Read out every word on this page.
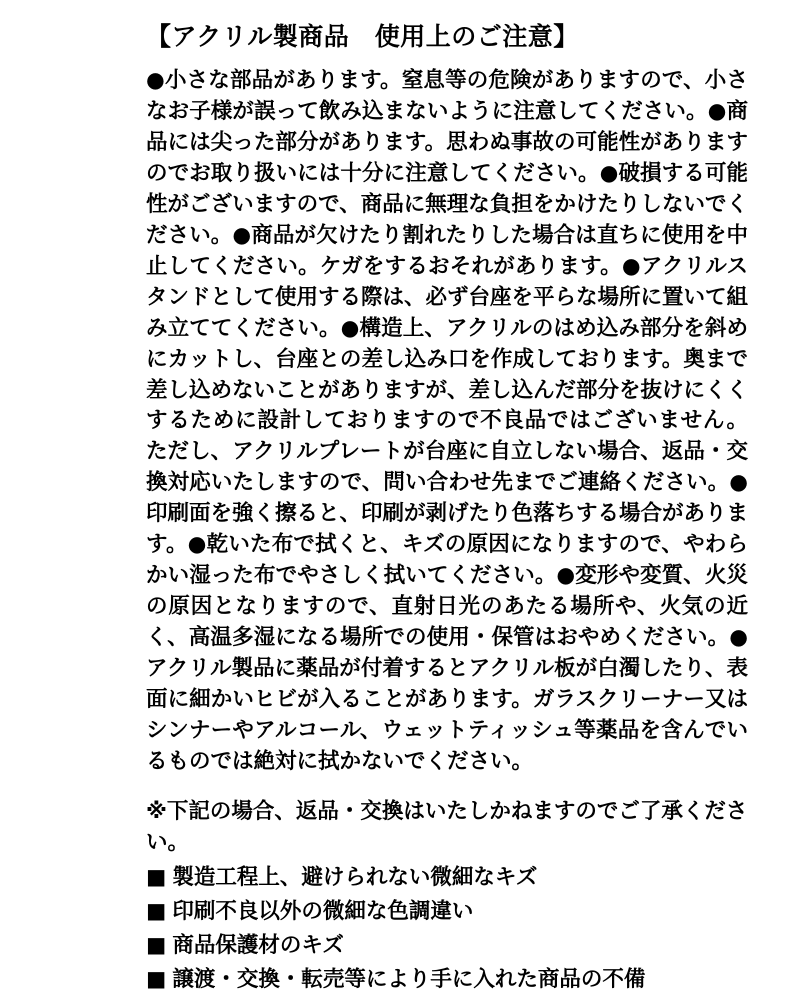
【アクリル製商品　使用上のご注意】

●小さな部品があります。窒息等の危険がありますので、小さなお子様が誤って飲み込まないように注意してください。●商品には尖った部分があります。思わぬ事故の可能性がありますのでお取り扱いには十分に注意してください。●破損する可能性がございますので、商品に無理な負担をかけたりしないでください。●商品が欠けたり割れたりした場合は直ちに使用を中止してください。ケガをするおそれがあります。●アクリルスタンドとして使用する際は、必ず台座を平らな場所に置いて組み立ててください。●構造上、アクリルのはめ込み部分を斜めにカットし、台座との差し込み口を作成しております。奥まで差し込めないことがありますが、差し込んだ部分を抜けにくくするために設計しておりますので不良品ではございません。ただし、アクリルプレートが台座に自立しない場合、返品・交換対応いたしますので、問い合わせ先までご連絡ください。●印刷面を強く擦ると、印刷が剥げたり色落ちする場合があります。●乾いた布で拭くと、キズの原因になりますので、やわらかい湿った布でやさしく拭いてください。●変形や変質、火災の原因となりますので、直射日光のあたる場所や、火気の近く、高温多湿になる場所での使用・保管はおやめください。●アクリル製品に薬品が付着するとアクリル板が白濁したり、表面に細かいヒビが入ることがあります。ガラスクリーナー又はシンナーやアルコール、ウェットティッシュ等薬品を含んでいるものでは絶対に拭かないでください。

※下記の場合、返品・交換はいたしかねますのでご了承ください。

■ 製造工程上、避けられない微細なキズ
■ 印刷不良以外の微細な色調違い
■ 商品保護材のキズ
■ 譲渡・交換・転売等により手に入れた商品の不備
